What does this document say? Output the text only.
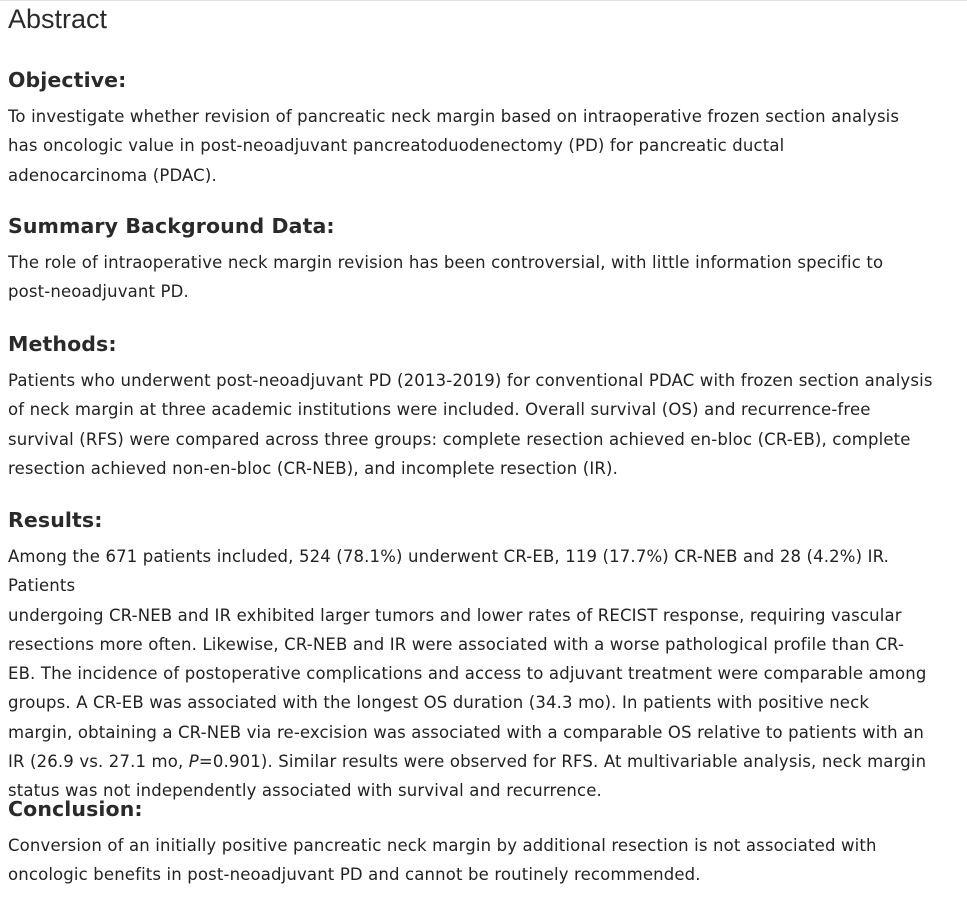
Abstract
Objective:

To investigate whether revision of pancreatic neck margin based on intraoperative frozen section analysis
has oncologic value in post-neoadjuvant pancreatoduodenectomy (PD) for pancreatic ductal
adenocarcinoma (PDAC).

Summary Background Data:

The role of intraoperative neck margin revision has been controversial, with little information specific to
post-neoadjuvant PD.

Methods:

Patients who underwent post-neoadjuvant PD (2013-2019) for conventional PDAC with frozen section analysis
of neck margin at three academic institutions were included. Overall survival (OS) and recurrence-free
survival (RFS) were compared across three groups: complete resection achieved en-bloc (CR-EB), complete
resection achieved non-en-bloc (CR-NEB), and incomplete resection (IR).

Results:

Among the 671 patients included, 524 (78.1%) underwent CR-EB, 119 (17.7%) CR-NEB and 28 (4.2%) IR. Patients
undergoing CR-NEB and IR exhibited larger tumors and lower rates of RECIST response, requiring vascular
resections more often. Likewise, CR-NEB and IR were associated with a worse pathological profile than CR-
EB. The incidence of postoperative complications and access to adjuvant treatment were comparable among
groups. A CR-EB was associated with the longest OS duration (34.3 mo). In patients with positive neck
margin, obtaining a CR-NEB via re-excision was associated with a comparable OS relative to patients with an
IR (26.9 vs. 27.1 mo, P=0.901). Similar results were observed for RFS. At multivariable analysis, neck margin
status was not independently associated with survival and recurrence.

Conclusion:

Conversion of an initially positive pancreatic neck margin by additional resection is not associated with
oncologic benefits in post-neoadjuvant PD and cannot be routinely recommended.
